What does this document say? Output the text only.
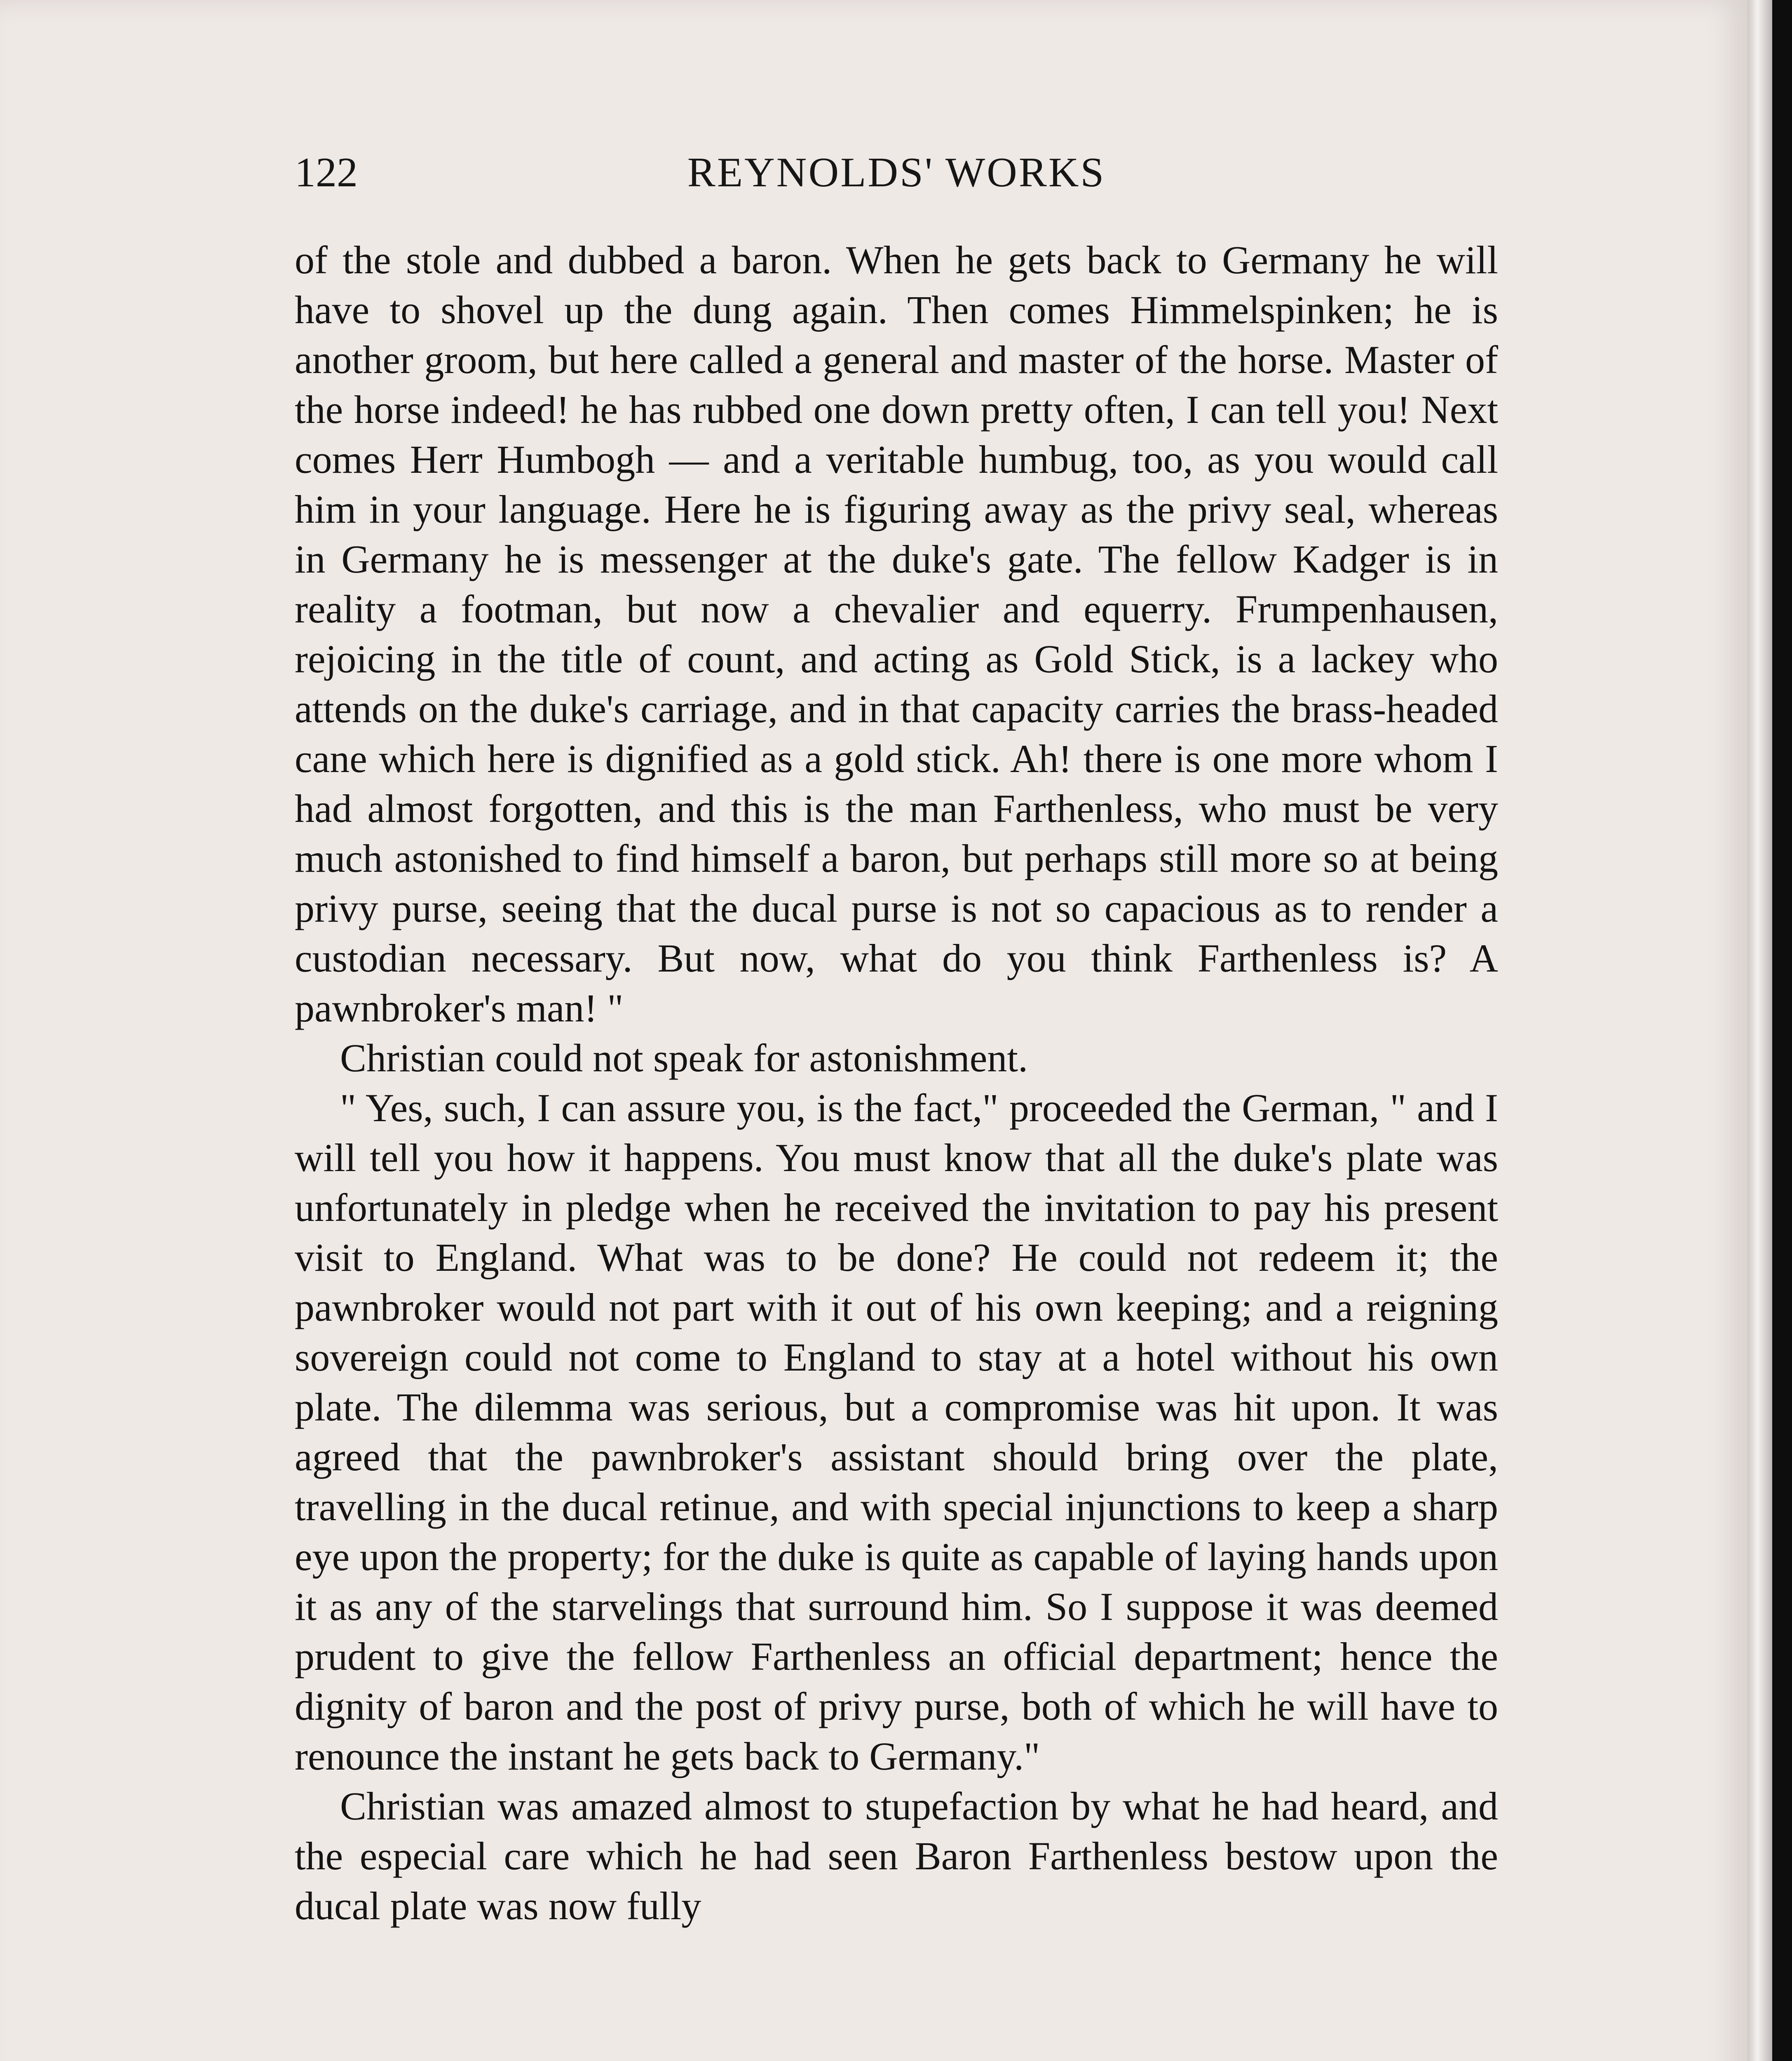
122	REYNOLDS' WORKS

of the stole and dubbed a baron. When he gets back to Germany he will have to shovel up the dung again. Then comes Himmelspinken; he is another groom, but here called a general and master of the horse. Master of the horse indeed! he has rubbed one down pretty often, I can tell you! Next comes Herr Humbogh — and a veritable humbug, too, as you would call him in your language. Here he is figuring away as the privy seal, whereas in Germany he is messenger at the duke's gate. The fellow Kadger is in reality a footman, but now a chevalier and equerry. Frumpenhausen, rejoicing in the title of count, and acting as Gold Stick, is a lackey who attends on the duke's carriage, and in that capacity carries the brass-headed cane which here is dignified as a gold stick. Ah! there is one more whom I had almost forgotten, and this is the man Farthenless, who must be very much astonished to find himself a baron, but perhaps still more so at being privy purse, seeing that the ducal purse is not so capacious as to render a custodian necessary. But now, what do you think Farthenless is? A pawnbroker's man! "

Christian could not speak for astonishment.

" Yes, such, I can assure you, is the fact," proceeded the German, " and I will tell you how it happens. You must know that all the duke's plate was unfortunately in pledge when he received the invitation to pay his present visit to England. What was to be done? He could not redeem it; the pawnbroker would not part with it out of his own keeping; and a reigning sovereign could not come to England to stay at a hotel without his own plate. The dilemma was serious, but a compromise was hit upon. It was agreed that the pawnbroker's assistant should bring over the plate, travelling in the ducal retinue, and with special injunctions to keep a sharp eye upon the property; for the duke is quite as capable of laying hands upon it as any of the starvelings that surround him. So I suppose it was deemed prudent to give the fellow Farthenless an official department; hence the dignity of baron and the post of privy purse, both of which he will have to renounce the instant he gets back to Germany."

Christian was amazed almost to stupefaction by what he had heard, and the especial care which he had seen Baron Farthenless bestow upon the ducal plate was now fully
